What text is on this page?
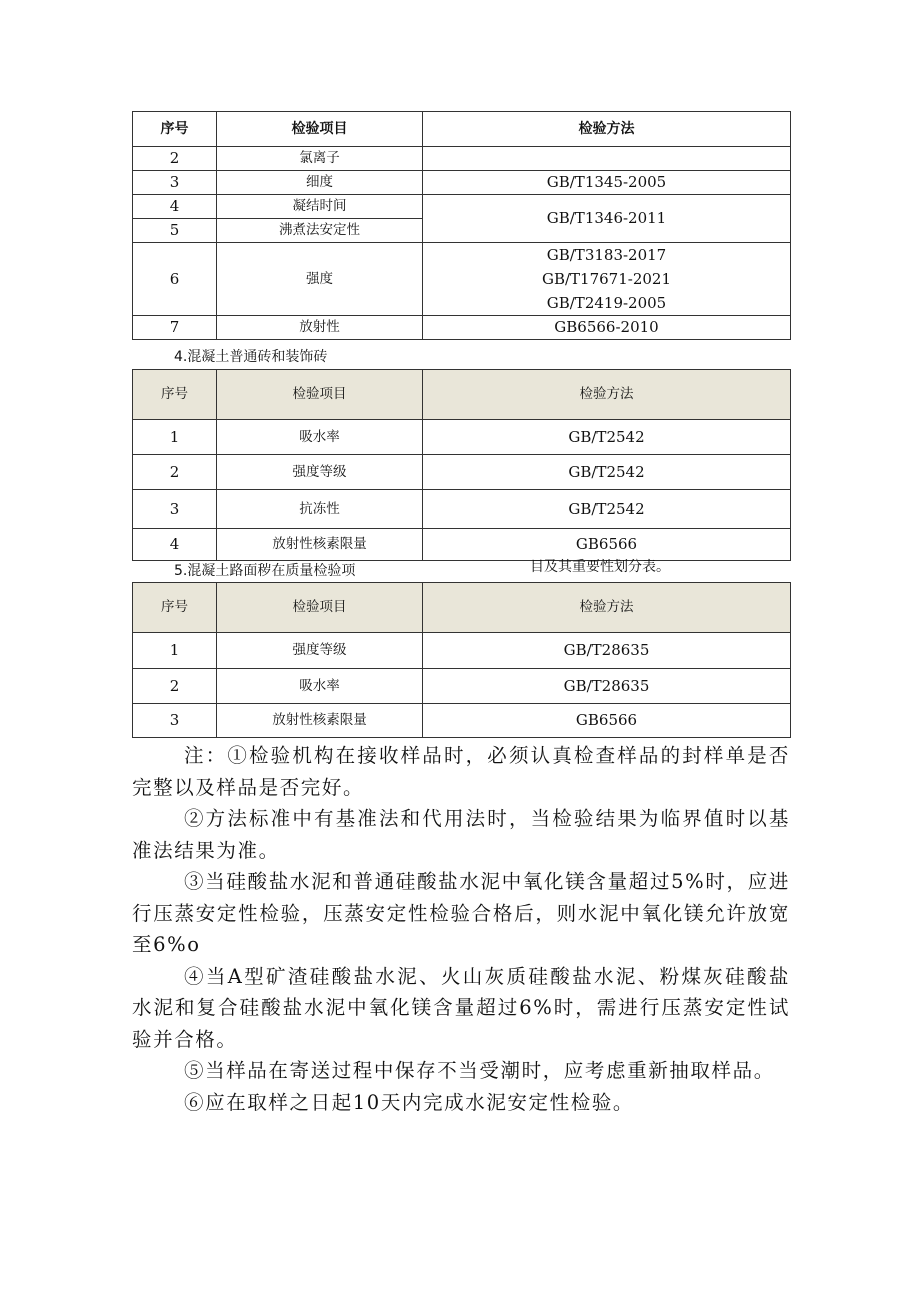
序号	检验项目	检验方法
2	氯离子	
3	细度	GB/T1345-2005
4	凝结时间	GB/T1346-2011
5	沸煮法安定性	
6	强度	GB/T3183-2017
GB/T17671-2021
GB/T2419-2005

7	放射性	GB6566-2010
4.混凝土普通砖和装饰砖
序号	检验项目	检验方法
1	吸水率	GB/T2542
2	强度等级	GB/T2542
3	抗冻性	GB/T2542
4	放射性核素限量	GB6566
5.混凝土路面秽在质量检验项	目及其重要性划分表。
序号	检验项目	检验方法
1	强度等级	GB/T28635
2	吸水率	GB/T28635
3	放射性核素限量	GB6566

注：①检验机构在接收样品时，必须认真检查样品的封样单是否完整以及样品是否完好。

②方法标准中有基准法和代用法时，当检验结果为临界值时以基准法结果为准。

③当硅酸盐水泥和普通硅酸盐水泥中氧化镁含量超过5%时，应进行压蒸安定性检验，压蒸安定性检验合格后，则水泥中氧化镁允许放宽至6%o

④当A型矿渣硅酸盐水泥、火山灰质硅酸盐水泥、粉煤灰硅酸盐水泥和复合硅酸盐水泥中氧化镁含量超过6%时，需进行压蒸安定性试验并合格。

⑤当样品在寄送过程中保存不当受潮时，应考虑重新抽取样品。

⑥应在取样之日起10天内完成水泥安定性检验。
